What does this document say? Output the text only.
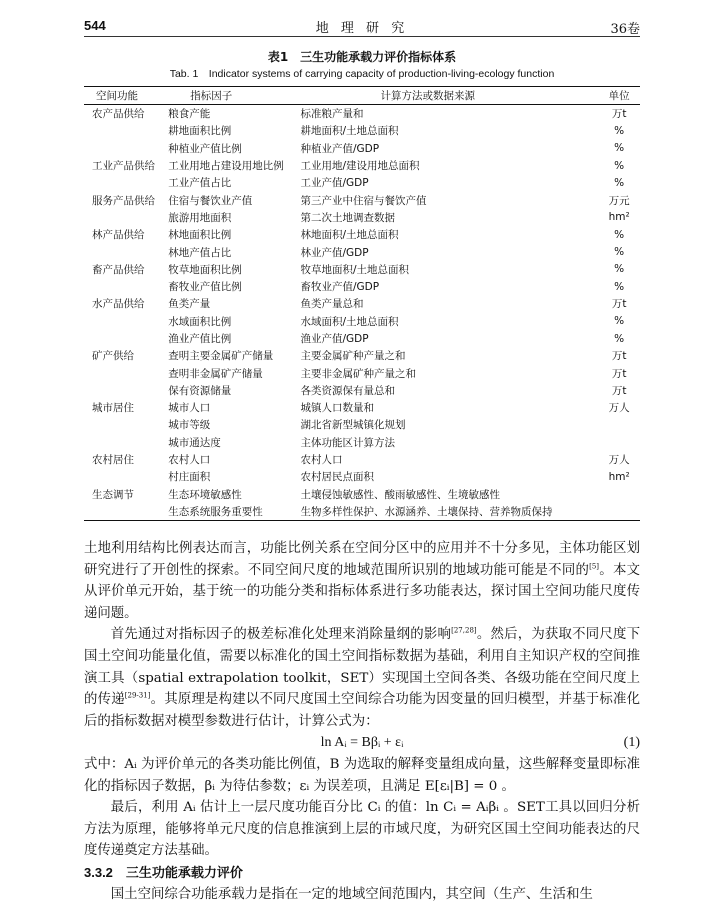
544	地 理 研 究	36卷
表1　三生功能承载力评价指标体系
Tab. 1　Indicator systems of carrying capacity of production-living-ecology function
空间功能	指标因子	计算方法或数据来源	单位
农产品供给	粮食产能	标准粮产量和	万t
	耕地面积比例	耕地面积/土地总面积	%
	种植业产值比例	种植业产值/GDP	%
工业产品供给	工业用地占建设用地比例	工业用地/建设用地总面积	%
	工业产值占比	工业产值/GDP	%
服务产品供给	住宿与餐饮业产值	第三产业中住宿与餐饮产值	万元
	旅游用地面积	第二次土地调查数据	hm²
林产品供给	林地面积比例	林地面积/土地总面积	%
	林地产值占比	林业产值/GDP	%
畜产品供给	牧草地面积比例	牧草地面积/土地总面积	%
	畜牧业产值比例	畜牧业产值/GDP	%
水产品供给	鱼类产量	鱼类产量总和	万t
	水域面积比例	水域面积/土地总面积	%
	渔业产值比例	渔业产值/GDP	%
矿产供给	查明主要金属矿产储量	主要金属矿种产量之和	万t
	查明非金属矿产储量	主要非金属矿种产量之和	万t
	保有资源储量	各类资源保有量总和	万t
城市居住	城市人口	城镇人口数量和	万人
	城市等级	湖北省新型城镇化规划	
	城市通达度	主体功能区计算方法	
农村居住	农村人口	农村人口	万人
	村庄面积	农村居民点面积	hm²
生态调节	生态环境敏感性	土壤侵蚀敏感性、酸雨敏感性、生境敏感性	
	生态系统服务重要性	生物多样性保护、水源涵养、土壤保持、营养物质保持	

土地利用结构比例表达而言，功能比例关系在空间分区中的应用并不十分多见，主体功能区划研究进行了开创性的探索。不同空间尺度的地域范围所识别的地域功能可能是不同的[5]。本文从评价单元开始，基于统一的功能分类和指标体系进行多功能表达，探讨国土空间功能尺度传递问题。

首先通过对指标因子的极差标准化处理来消除量纲的影响[27,28]。然后，为获取不同尺度下国土空间功能量化值，需要以标准化的国土空间指标数据为基础，利用自主知识产权的空间推演工具（spatial extrapolation toolkit，SET）实现国土空间各类、各级功能在空间尺度上的传递[29-31]。其原理是构建以不同尺度国土空间综合功能为因变量的回归模型，并基于标准化后的指标数据对模型参数进行估计，计算公式为：

ln Aᵢ = Bβᵢ + εᵢ	(1)

式中：Aᵢ 为评价单元的各类功能比例值，B 为选取的解释变量组成向量，这些解释变量即标准化的指标因子数据，βᵢ 为待估参数；εᵢ 为误差项，且满足 E[εᵢ|B] = 0 。

最后，利用 Aᵢ 估计上一层尺度功能百分比 Cᵢ 的值：ln Cᵢ = Aᵢβᵢ 。SET工具以回归分析方法为原理，能够将单元尺度的信息推演到上层的市域尺度，为研究区国土空间功能表达的尺度传递奠定方法基础。

3.3.2　三生功能承载力评价

国土空间综合功能承载力是指在一定的地域空间范围内，其空间（生产、生活和生
